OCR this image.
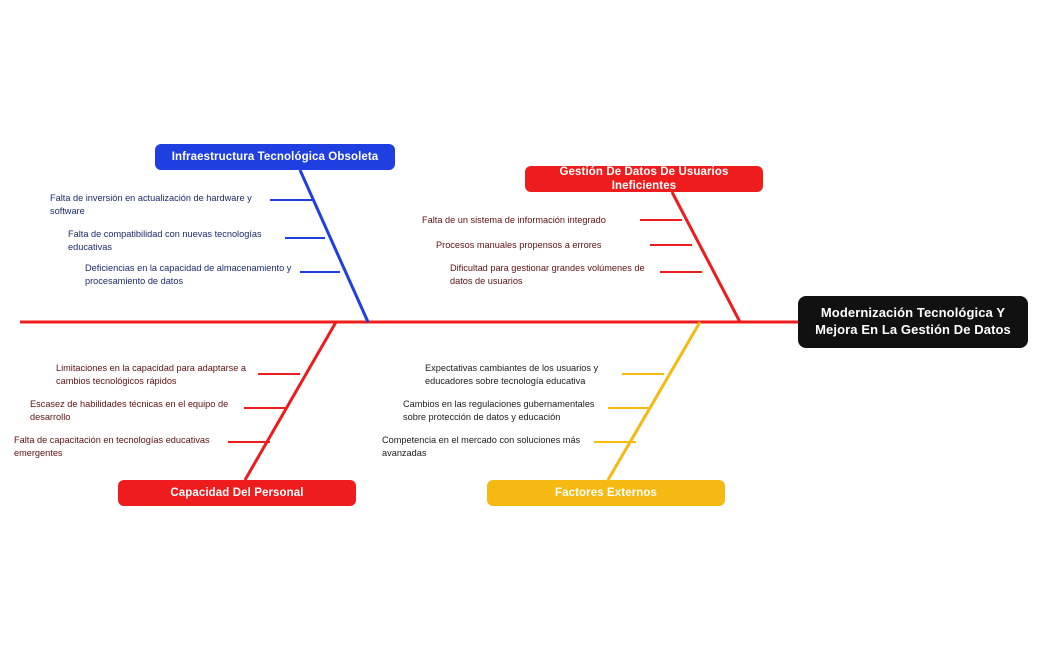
Modernización Tecnológica Y Mejora En La Gestión De Datos
Infraestructura Tecnológica Obsoleta
Falta de inversión en actualización de hardware y software
Falta de compatibilidad con nuevas tecnologías educativas
Deficiencias en la capacidad de almacenamiento y procesamiento de datos
Gestión De Datos De Usuarios Ineficientes
Falta de un sistema de información integrado
Procesos manuales propensos a errores
Dificultad para gestionar grandes volúmenes de datos de usuarios
Capacidad Del Personal
Limitaciones en la capacidad para adaptarse a cambios tecnológicos rápidos
Escasez de habilidades técnicas en el equipo de desarrollo
Falta de capacitación en tecnologías educativas emergentes
Factores Externos
Expectativas cambiantes de los usuarios y educadores sobre tecnología educativa
Cambios en las regulaciones gubernamentales sobre protección de datos y educación
Competencia en el mercado con soluciones más avanzadas
